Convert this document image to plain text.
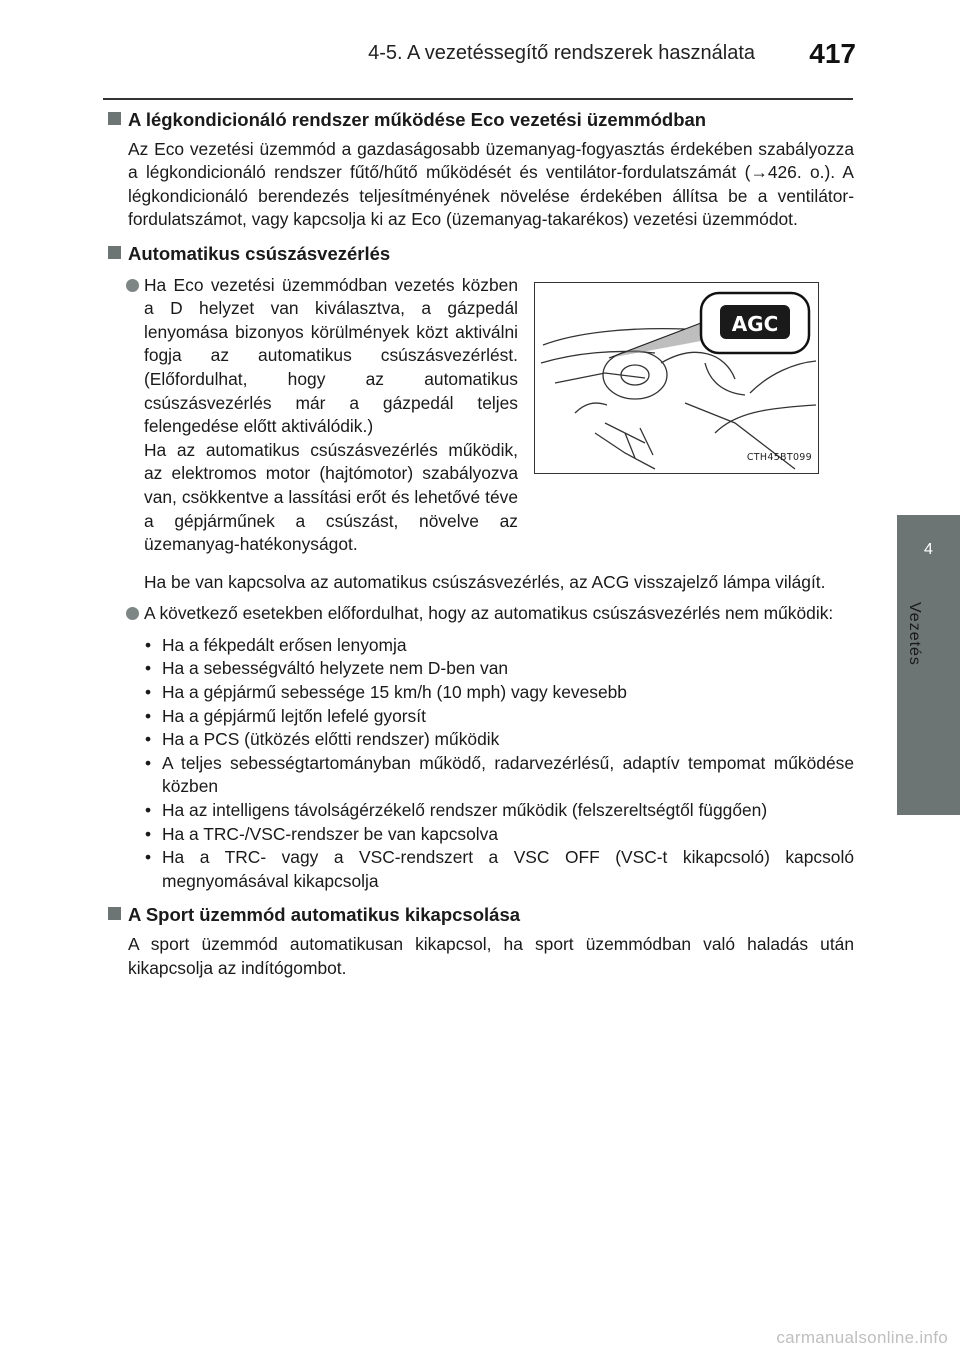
4-5. A vezetéssegítő rendszerek használata 417
4
Vezetés
A légkondicionáló rendszer működése Eco vezetési üzemmódban

Az Eco vezetési üzemmód a gazdaságosabb üzemanyag-fogyasztás érdekében szabályozza a légkondicionáló rendszer fűtő/hűtő működését és ventilátor-fordulatszámát (→426. o.). A légkondicionáló berendezés teljesítményének növelése érdekében állítsa be a ventilátor-fordulatszámot, vagy kapcsolja ki az Eco (üzemanyag-takarékos) vezetési üzemmódot.

Automatikus csúszásvezérlés
Ha Eco vezetési üzemmódban vezetés közben a D helyzet van kiválasztva, a gázpedál lenyomása bizonyos körülmények közt aktiválni fogja az automatikus csúszásvezérlést. (Előfordulhat, hogy az automatikus csúszásvezérlés már a gázpedál teljes felengedése előtt aktiválódik.)
Ha az automatikus csúszásvezérlés működik, az elektromos motor (hajtómotor) szabályozva van, csökkentve a lassítási erőt és lehetővé téve a gépjárműnek a csúszást, növelve az üzemanyag-hatékonyságot.
AGC
CTH45BT099
Ha be van kapcsolva az automatikus csúszásvezérlés, az ACG visszajelző lámpa világít.
A következő esetekben előfordulhat, hogy az automatikus csúszásvezérlés nem működik:
• Ha a fékpedált erősen lenyomja
• Ha a sebességváltó helyzete nem D-ben van
• Ha a gépjármű sebessége 15 km/h (10 mph) vagy kevesebb
• Ha a gépjármű lejtőn lefelé gyorsít
• Ha a PCS (ütközés előtti rendszer) működik
• A teljes sebességtartományban működő, radarvezérlésű, adaptív tempomat működése közben
• Ha az intelligens távolságérzékelő rendszer működik (felszereltségtől függően)
• Ha a TRC-/VSC-rendszer be van kapcsolva
• Ha a TRC- vagy a VSC-rendszert a VSC OFF (VSC-t kikapcsoló) kapcsoló megnyomásával kikapcsolja
A Sport üzemmód automatikus kikapcsolása

A sport üzemmód automatikusan kikapcsol, ha sport üzemmódban való haladás után kikapcsolja az indítógombot.

carmanualsonline.info
